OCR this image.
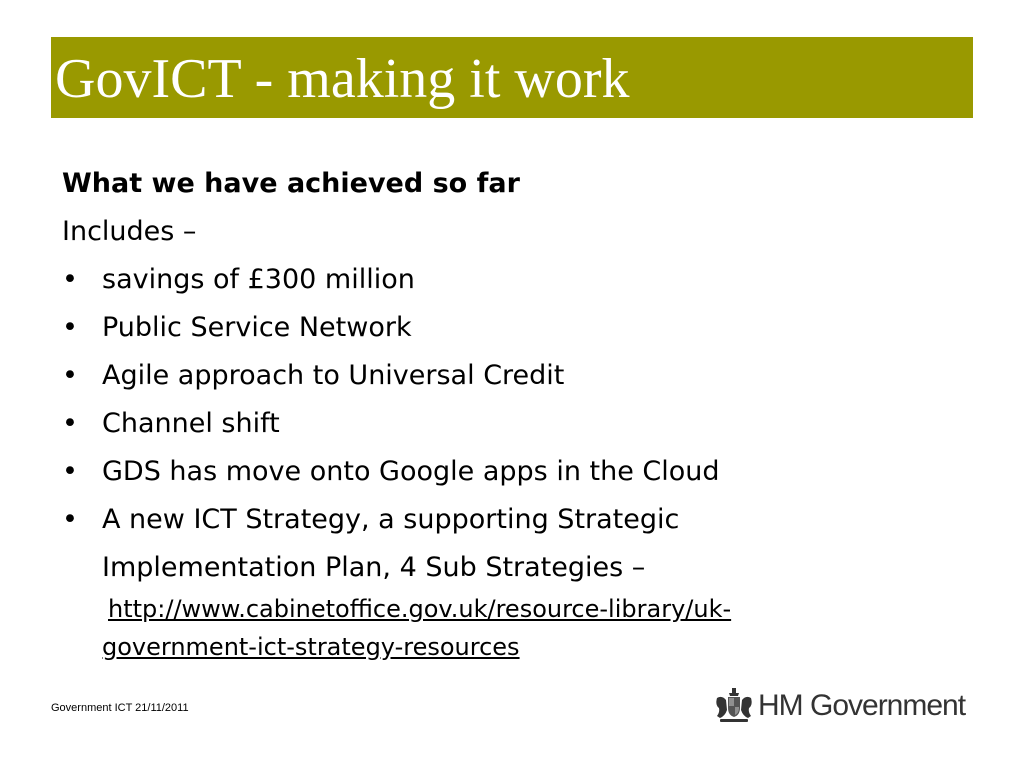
GovICT - making it work
What we have achieved so far
Includes –
• savings of £300 million
• Public Service Network
• Agile approach to Universal Credit
• Channel shift
• GDS has move onto Google apps in the Cloud
• A new ICT Strategy, a supporting Strategic
Implementation Plan, 4 Sub Strategies –
http://www.cabinetoffice.gov.uk/resource-library/uk-
government-ict-strategy-resources
Government ICT 21/11/2011	HM Government
